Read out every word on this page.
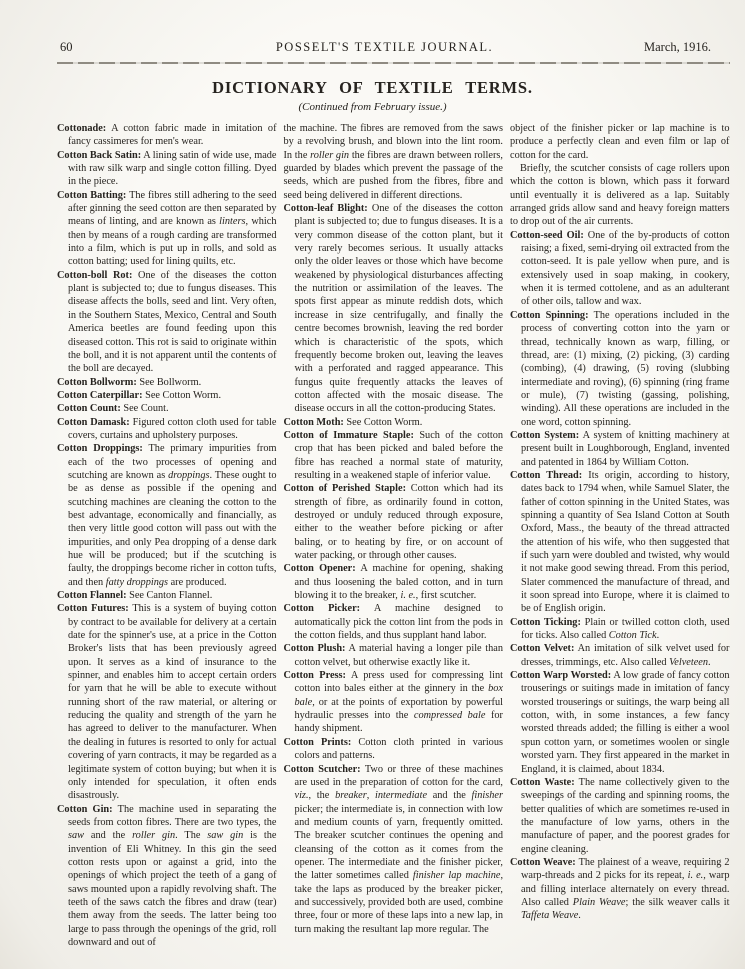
60	POSSELT'S TEXTILE JOURNAL.	March, 1916.
DICTIONARY OF TEXTILE TERMS.
(Continued from February issue.)
Cottonade: A cotton fabric made in imitation of fancy cassimeres for men's wear.
Cotton Back Satin: A lining satin of wide use, made with raw silk warp and single cotton filling. Dyed in the piece.
Cotton Batting: The fibres still adhering to the seed after ginning the seed cotton are then separated by means of linting, and are known as linters, which then by means of a rough carding are transformed into a film, which is put up in rolls, and sold as cotton batting; used for lining quilts, etc.
Cotton-boll Rot: One of the diseases the cotton plant is subjected to; due to fungus diseases. This disease affects the bolls, seed and lint. Very often, in the Southern States, Mexico, Central and South America beetles are found feeding upon this diseased cotton. This rot is said to originate within the boll, and it is not apparent until the contents of the boll are decayed.
Cotton Bollworm: See Bollworm.
Cotton Caterpillar: See Cotton Worm.
Cotton Count: See Count.
Cotton Damask: Figured cotton cloth used for table covers, curtains and upholstery purposes.
Cotton Droppings: The primary impurities from each of the two processes of opening and scutching are known as droppings. These ought to be as dense as possible if the opening and scutching machines are cleaning the cotton to the best advantage, economically and financially, as then very little good cotton will pass out with the impurities, and only Pea dropping of a dense dark hue will be produced; but if the scutching is faulty, the droppings become richer in cotton tufts, and then fatty droppings are produced.
Cotton Flannel: See Canton Flannel.
Cotton Futures: This is a system of buying cotton by contract to be available for delivery at a certain date for the spinner's use, at a price in the Cotton Broker's lists that has been previously agreed upon. It serves as a kind of insurance to the spinner, and enables him to accept certain orders for yarn that he will be able to execute without running short of the raw material, or altering or reducing the quality and strength of the yarn he has agreed to deliver to the manufacturer. When the dealing in futures is resorted to only for actual covering of yarn contracts, it may be regarded as a legitimate system of cotton buying; but when it is only intended for speculation, it often ends disastrously.
Cotton Gin: The machine used in separating the seeds from cotton fibres. There are two types, the saw and the roller gin. The saw gin is the invention of Eli Whitney. In this gin the seed cotton rests upon or against a grid, into the openings of which project the teeth of a gang of saws mounted upon a rapidly revolving shaft. The teeth of the saws catch the fibres and draw (tear) them away from the seeds. The latter being too large to pass through the openings of the grid, roll downward and out of
the machine. The fibres are removed from the saws by a revolving brush, and blown into the lint room. In the roller gin the fibres are drawn between rollers, guarded by blades which prevent the passage of the seeds, which are pushed from the fibres, fibre and seed being delivered in different directions.
Cotton-leaf Blight: One of the diseases the cotton plant is subjected to; due to fungus diseases. It is a very common disease of the cotton plant, but it very rarely becomes serious. It usually attacks only the older leaves or those which have become weakened by physiological disturbances affecting the nutrition or assimilation of the leaves. The spots first appear as minute reddish dots, which increase in size centrifugally, and finally the centre becomes brownish, leaving the red border which is characteristic of the spots, which frequently become broken out, leaving the leaves with a perforated and ragged appearance. This fungus quite frequently attacks the leaves of cotton affected with the mosaic disease. The disease occurs in all the cotton-producing States.
Cotton Moth: See Cotton Worm.
Cotton of Immature Staple: Such of the cotton crop that has been picked and baled before the fibre has reached a normal state of maturity, resulting in a weakened staple of inferior value.
Cotton of Perished Staple: Cotton which had its strength of fibre, as ordinarily found in cotton, destroyed or unduly reduced through exposure, either to the weather before picking or after baling, or to heating by fire, or on account of water packing, or through other causes.
Cotton Opener: A machine for opening, shaking and thus loosening the baled cotton, and in turn blowing it to the breaker, i. e., first scutcher.
Cotton Picker: A machine designed to automatically pick the cotton lint from the pods in the cotton fields, and thus supplant hand labor.
Cotton Plush: A material having a longer pile than cotton velvet, but otherwise exactly like it.
Cotton Press: A press used for compressing lint cotton into bales either at the ginnery in the box bale, or at the points of exportation by powerful hydraulic presses into the compressed bale for handy shipment.
Cotton Prints: Cotton cloth printed in various colors and patterns.
Cotton Scutcher: Two or three of these machines are used in the preparation of cotton for the card, viz., the breaker, intermediate and the finisher picker; the intermediate is, in connection with low and medium counts of yarn, frequently omitted. The breaker scutcher continues the opening and cleansing of the cotton as it comes from the opener. The intermediate and the finisher picker, the latter sometimes called finisher lap machine, take the laps as produced by the breaker picker, and successively, provided both are used, combine three, four or more of these laps into a new lap, in turn making the resultant lap more regular. The
object of the finisher picker or lap machine is to produce a perfectly clean and even film or lap of cotton for the card.
Briefly, the scutcher consists of cage rollers upon which the cotton is blown, which pass it forward until eventually it is delivered as a lap. Suitably arranged grids allow sand and heavy foreign matters to drop out of the air currents.
Cotton-seed Oil: One of the by-products of cotton raising; a fixed, semi-drying oil extracted from the cotton-seed. It is pale yellow when pure, and is extensively used in soap making, in cookery, when it is termed cottolene, and as an adulterant of other oils, tallow and wax.
Cotton Spinning: The operations included in the process of converting cotton into the yarn or thread, technically known as warp, filling, or thread, are: (1) mixing, (2) picking, (3) carding (combing), (4) drawing, (5) roving (slubbing intermediate and roving), (6) spinning (ring frame or mule), (7) twisting (gassing, polishing, winding). All these operations are included in the one word, cotton spinning.
Cotton System: A system of knitting machinery at present built in Loughborough, England, invented and patented in 1864 by William Cotton.
Cotton Thread: Its origin, according to history, dates back to 1794 when, while Samuel Slater, the father of cotton spinning in the United States, was spinning a quantity of Sea Island Cotton at South Oxford, Mass., the beauty of the thread attracted the attention of his wife, who then suggested that if such yarn were doubled and twisted, why would it not make good sewing thread. From this period, Slater commenced the manufacture of thread, and it soon spread into Europe, where it is claimed to be of English origin.
Cotton Ticking: Plain or twilled cotton cloth, used for ticks. Also called Cotton Tick.
Cotton Velvet: An imitation of silk velvet used for dresses, trimmings, etc. Also called Velveteen.
Cotton Warp Worsted: A low grade of fancy cotton trouserings or suitings made in imitation of fancy worsted trouserings or suitings, the warp being all cotton, with, in some instances, a few fancy worsted threads added; the filling is either a wool spun cotton yarn, or sometimes woolen or single worsted yarn. They first appeared in the market in England, it is claimed, about 1834.
Cotton Waste: The name collectively given to the sweepings of the carding and spinning rooms, the better qualities of which are sometimes re-used in the manufacture of low yarns, others in the manufacture of paper, and the poorest grades for engine cleaning.
Cotton Weave: The plainest of a weave, requiring 2 warp-threads and 2 picks for its repeat, i. e., warp and filling interlace alternately on every thread. Also called Plain Weave; the silk weaver calls it Taffeta Weave.
